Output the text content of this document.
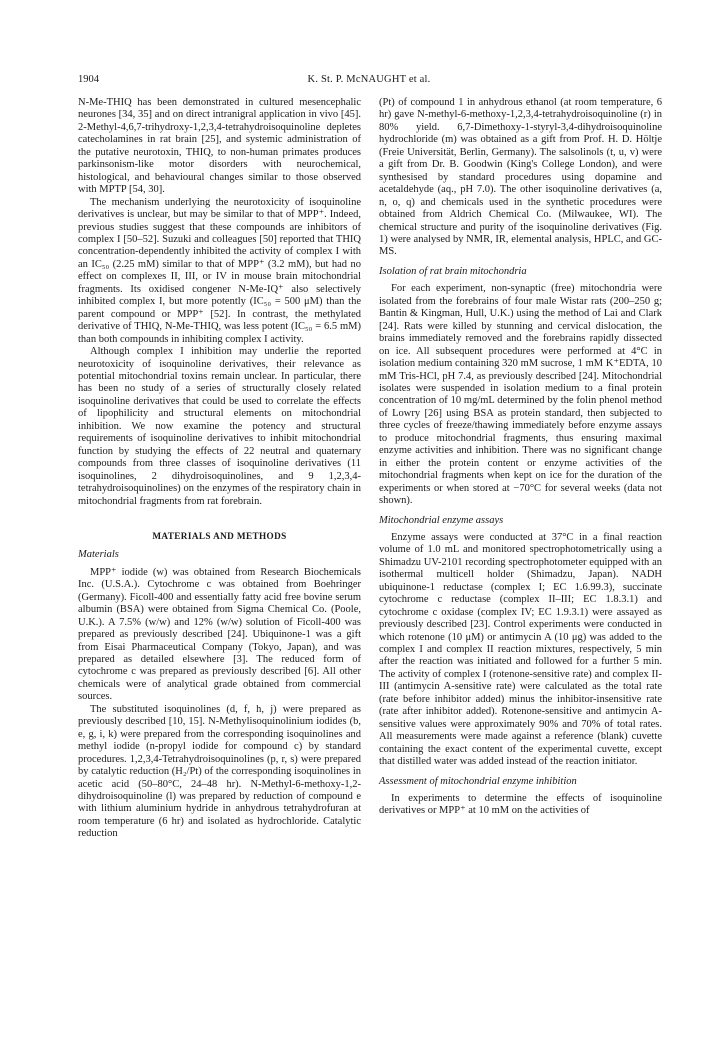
1904	K. St. P. McNAUGHT et al.

N-Me-THIQ has been demonstrated in cultured mesencephalic neurones [34, 35] and on direct intranigral application in vivo [45]. 2-Methyl-4,6,7-trihydroxy-1,2,3,4-tetrahydroisoquinoline depletes catecholamines in rat brain [25], and systemic administration of the putative neurotoxin, THIQ, to non-human primates produces parkinsonism-like motor disorders with neurochemical, histological, and behavioural changes similar to those observed with MPTP [54, 30].

The mechanism underlying the neurotoxicity of isoquinoline derivatives is unclear, but may be similar to that of MPP⁺. Indeed, previous studies suggest that these compounds are inhibitors of complex I [50–52]. Suzuki and colleagues [50] reported that THIQ concentration-dependently inhibited the activity of complex I with an IC₅₀ (2.25 mM) similar to that of MPP⁺ (3.2 mM), but had no effect on complexes II, III, or IV in mouse brain mitochondrial fragments. Its oxidised congener N-Me-IQ⁺ also selectively inhibited complex I, but more potently (IC₅₀ = 500 μM) than the parent compound or MPP⁺ [52]. In contrast, the methylated derivative of THIQ, N-Me-THIQ, was less potent (IC₅₀ = 6.5 mM) than both compounds in inhibiting complex I activity.

Although complex I inhibition may underlie the reported neurotoxicity of isoquinoline derivatives, their relevance as potential mitochondrial toxins remain unclear. In particular, there has been no study of a series of structurally closely related isoquinoline derivatives that could be used to correlate the effects of lipophilicity and structural elements on mitochondrial inhibition. We now examine the potency and structural requirements of isoquinoline derivatives to inhibit mitochondrial function by studying the effects of 22 neutral and quaternary compounds from three classes of isoquinoline derivatives (11 isoquinolines, 2 dihydroisoquinolines, and 9 1,2,3,4-tetrahydroisoquinolines) on the enzymes of the respiratory chain in mitochondrial fragments from rat forebrain.

MATERIALS AND METHODS
Materials

MPP⁺ iodide (w) was obtained from Research Biochemicals Inc. (U.S.A.). Cytochrome c was obtained from Boehringer (Germany). Ficoll-400 and essentially fatty acid free bovine serum albumin (BSA) were obtained from Sigma Chemical Co. (Poole, U.K.). A 7.5% (w/w) and 12% (w/w) solution of Ficoll-400 was prepared as previously described [24]. Ubiquinone-1 was a gift from Eisai Pharmaceutical Company (Tokyo, Japan), and was prepared as detailed elsewhere [3]. The reduced form of cytochrome c was prepared as previously described [6]. All other chemicals were of analytical grade obtained from commercial sources.

The substituted isoquinolines (d, f, h, j) were prepared as previously described [10, 15]. N-Methylisoquinolinium iodides (b, e, g, i, k) were prepared from the corresponding isoquinolines and methyl iodide (n-propyl iodide for compound c) by standard procedures. 1,2,3,4-Tetrahydroisoquinolines (p, r, s) were prepared by catalytic reduction (H₂/Pt) of the corresponding isoquinolines in acetic acid (50–80°C, 24–48 hr). N-Methyl-6-methoxy-1,2-dihydroisoquinoline (l) was prepared by reduction of compound e with lithium aluminium hydride in anhydrous tetrahydrofuran at room temperature (6 hr) and isolated as hydrochloride. Catalytic reduction

(Pt) of compound 1 in anhydrous ethanol (at room temperature, 6 hr) gave N-methyl-6-methoxy-1,2,3,4-tetrahydroisoquinoline (r) in 80% yield. 6,7-Dimethoxy-1-styryl-3,4-dihydroisoquinoline hydrochloride (m) was obtained as a gift from Prof. H. D. Höltje (Freie Universität, Berlin, Germany). The salsolinols (t, u, v) were a gift from Dr. B. Goodwin (King's College London), and were synthesised by standard procedures using dopamine and acetaldehyde (aq., pH 7.0). The other isoquinoline derivatives (a, n, o, q) and chemicals used in the synthetic procedures were obtained from Aldrich Chemical Co. (Milwaukee, WI). The chemical structure and purity of the isoquinoline derivatives (Fig. 1) were analysed by NMR, IR, elemental analysis, HPLC, and GC-MS.

Isolation of rat brain mitochondria

For each experiment, non-synaptic (free) mitochondria were isolated from the forebrains of four male Wistar rats (200–250 g; Bantin & Kingman, Hull, U.K.) using the method of Lai and Clark [24]. Rats were killed by stunning and cervical dislocation, the brains immediately removed and the forebrains rapidly dissected on ice. All subsequent procedures were performed at 4°C in isolation medium containing 320 mM sucrose, 1 mM K⁺EDTA, 10 mM Tris-HCl, pH 7.4, as previously described [24]. Mitochondrial isolates were suspended in isolation medium to a final protein concentration of 10 mg/mL determined by the folin phenol method of Lowry [26] using BSA as protein standard, then subjected to three cycles of freeze/thawing immediately before enzyme assays to produce mitochondrial fragments, thus ensuring maximal enzyme activities and inhibition. There was no significant change in either the protein content or enzyme activities of the mitochondrial fragments when kept on ice for the duration of the experiments or when stored at −70°C for several weeks (data not shown).

Mitochondrial enzyme assays

Enzyme assays were conducted at 37°C in a final reaction volume of 1.0 mL and monitored spectrophotometrically using a Shimadzu UV-2101 recording spectrophotometer equipped with an isothermal multicell holder (Shimadzu, Japan). NADH ubiquinone-1 reductase (complex I; EC 1.6.99.3), succinate cytochrome c reductase (complex II–III; EC 1.8.3.1) and cytochrome c oxidase (complex IV; EC 1.9.3.1) were assayed as previously described [23]. Control experiments were conducted in which rotenone (10 μM) or antimycin A (10 μg) was added to the complex I and complex II reaction mixtures, respectively, 5 min after the reaction was initiated and followed for a further 5 min. The activity of complex I (rotenone-sensitive rate) and complex II-III (antimycin A-sensitive rate) were calculated as the total rate (rate before inhibitor added) minus the inhibitor-insensitive rate (rate after inhibitor added). Rotenone-sensitive and antimycin A-sensitive values were approximately 90% and 70% of total rates. All measurements were made against a reference (blank) cuvette containing the exact content of the experimental cuvette, except that distilled water was added instead of the reaction initiator.

Assessment of mitochondrial enzyme inhibition

In experiments to determine the effects of isoquinoline derivatives or MPP⁺ at 10 mM on the activities of
